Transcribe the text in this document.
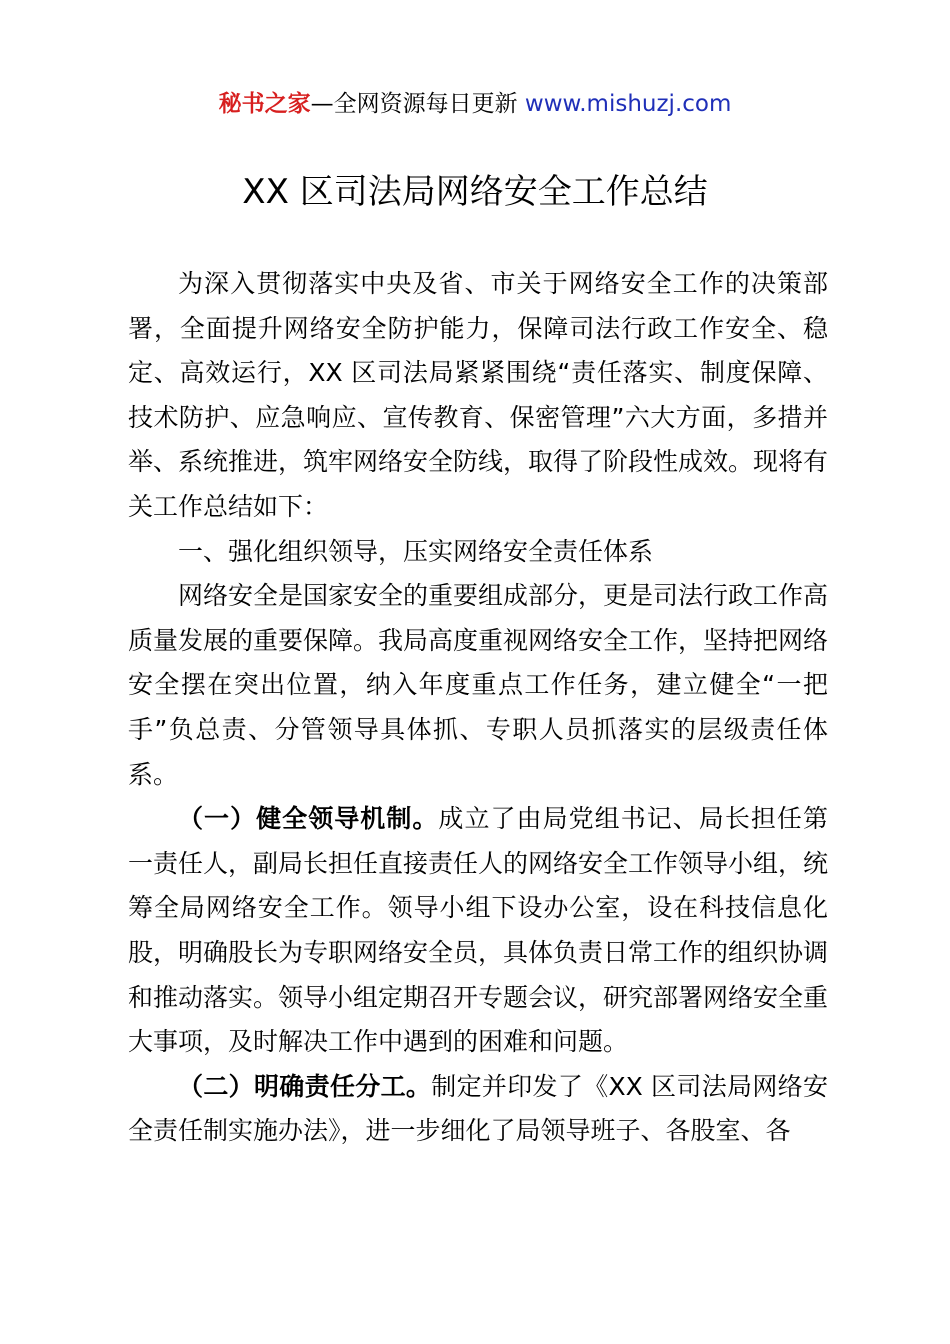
秘书之家—全网资源每日更新 www.mishuzj.com
XX 区司法局网络安全工作总结

为深入贯彻落实中央及省、市关于网络安全工作的决策部署，全面提升网络安全防护能力，保障司法行政工作安全、稳定、高效运行，XX 区司法局紧紧围绕“责任落实、制度保障、技术防护、应急响应、宣传教育、保密管理”六大方面，多措并举、系统推进，筑牢网络安全防线，取得了阶段性成效。现将有关工作总结如下：

一、强化组织领导，压实网络安全责任体系

网络安全是国家安全的重要组成部分，更是司法行政工作高质量发展的重要保障。我局高度重视网络安全工作，坚持把网络安全摆在突出位置，纳入年度重点工作任务，建立健全“一把手”负总责、分管领导具体抓、专职人员抓落实的层级责任体系。

（一）健全领导机制。成立了由局党组书记、局长担任第一责任人，副局长担任直接责任人的网络安全工作领导小组，统筹全局网络安全工作。领导小组下设办公室，设在科技信息化股，明确股长为专职网络安全员，具体负责日常工作的组织协调和推动落实。领导小组定期召开专题会议，研究部署网络安全重大事项，及时解决工作中遇到的困难和问题。

（二）明确责任分工。制定并印发了《XX 区司法局网络安全责任制实施办法》，进一步细化了局领导班子、各股室、各
